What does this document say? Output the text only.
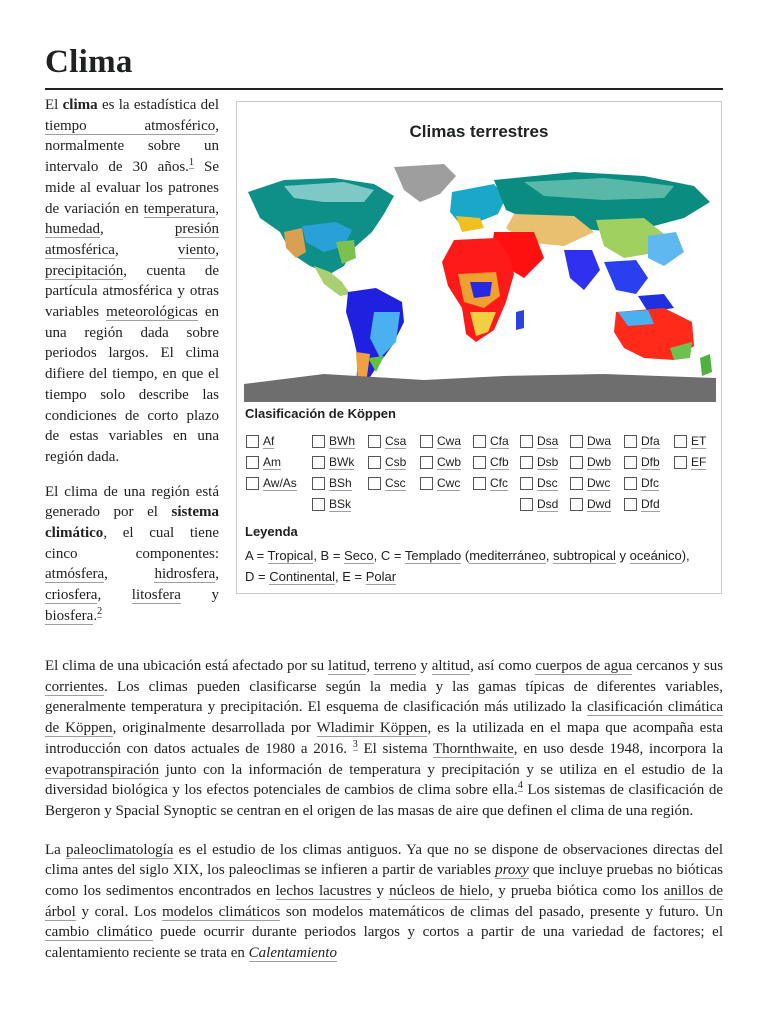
Clima

El clima es la estadística del tiempo atmosférico, normalmente sobre un intervalo de 30 años.$^1$ Se mide al evaluar los patrones de variación en temperatura, humedad, presión atmosférica, viento, precipitación, cuenta de partícula atmosférica y otras variables meteorológicas en una región dada sobre periodos largos. El clima difiere del tiempo, en que el tiempo solo describe las condiciones de corto plazo de estas variables en una región dada.

El clima de una región está generado por el sistema climático, el cual tiene cinco componentes: atmósfera, hidrosfera, criosfera, litosfera y biosfera.$^2$

Climas terrestres
Clasificación de Köppen
Af
Am
Aw/As
BWh
BWk
BSh
BSk
Csa
Csb
Csc
Cwa
Cwb
Cwc
Cfa
Cfb
Cfc
Dsa
Dsb
Dsc
Dsd
Dwa
Dwb
Dwc
Dwd
Dfa
Dfb
Dfc
Dfd
ET
EF
Leyenda
A = Tropical, B = Seco, C = Templado (mediterráneo, subtropical y oceánico),
D = Continental, E = Polar

El clima de una ubicación está afectado por su latitud, terreno y altitud, así como cuerpos de agua cercanos y sus corrientes. Los climas pueden clasificarse según la media y las gamas típicas de diferentes variables, generalmente temperatura y precipitación. El esquema de clasificación más utilizado la clasificación climática de Köppen, originalmente desarrollada por Wladimir Köppen, es la utilizada en el mapa que acompaña esta introducción con datos actuales de 1980 a 2016. $^3$ El sistema Thornthwaite, en uso desde 1948, incorpora la evapotranspiración junto con la información de temperatura y precipitación y se utiliza en el estudio de la diversidad biológica y los efectos potenciales de cambios de clima sobre ella.$^4$ Los sistemas de clasificación de Bergeron y Spacial Synoptic se centran en el origen de las masas de aire que definen el clima de una región.

La paleoclimatología es el estudio de los climas antiguos. Ya que no se dispone de observaciones directas del clima antes del siglo XIX, los paleoclimas se infieren a partir de variables proxy que incluye pruebas no bióticas como los sedimentos encontrados en lechos lacustres y núcleos de hielo, y prueba biótica como los anillos de árbol y coral. Los modelos climáticos son modelos matemáticos de climas del pasado, presente y futuro. Un cambio climático puede ocurrir durante periodos largos y cortos a partir de una variedad de factores; el calentamiento reciente se trata en Calentamiento
